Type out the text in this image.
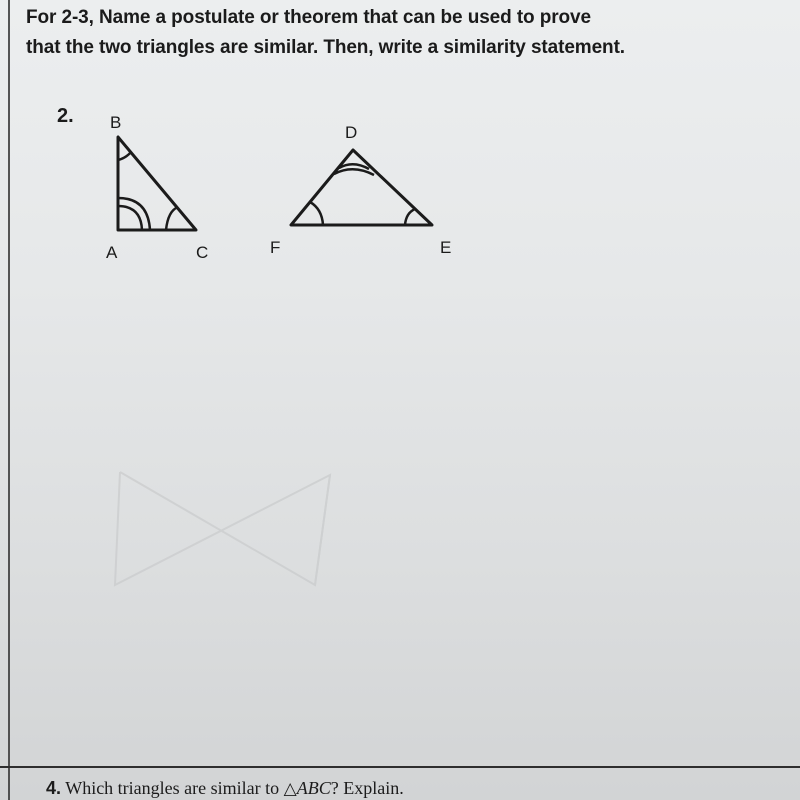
For 2-3, Name a postulate or theorem that can be used to prove
that the two triangles are similar. Then, write a similarity statement.
2. B
A	C
D
F	E
4. Which triangles are similar to △ABC? Explain.
